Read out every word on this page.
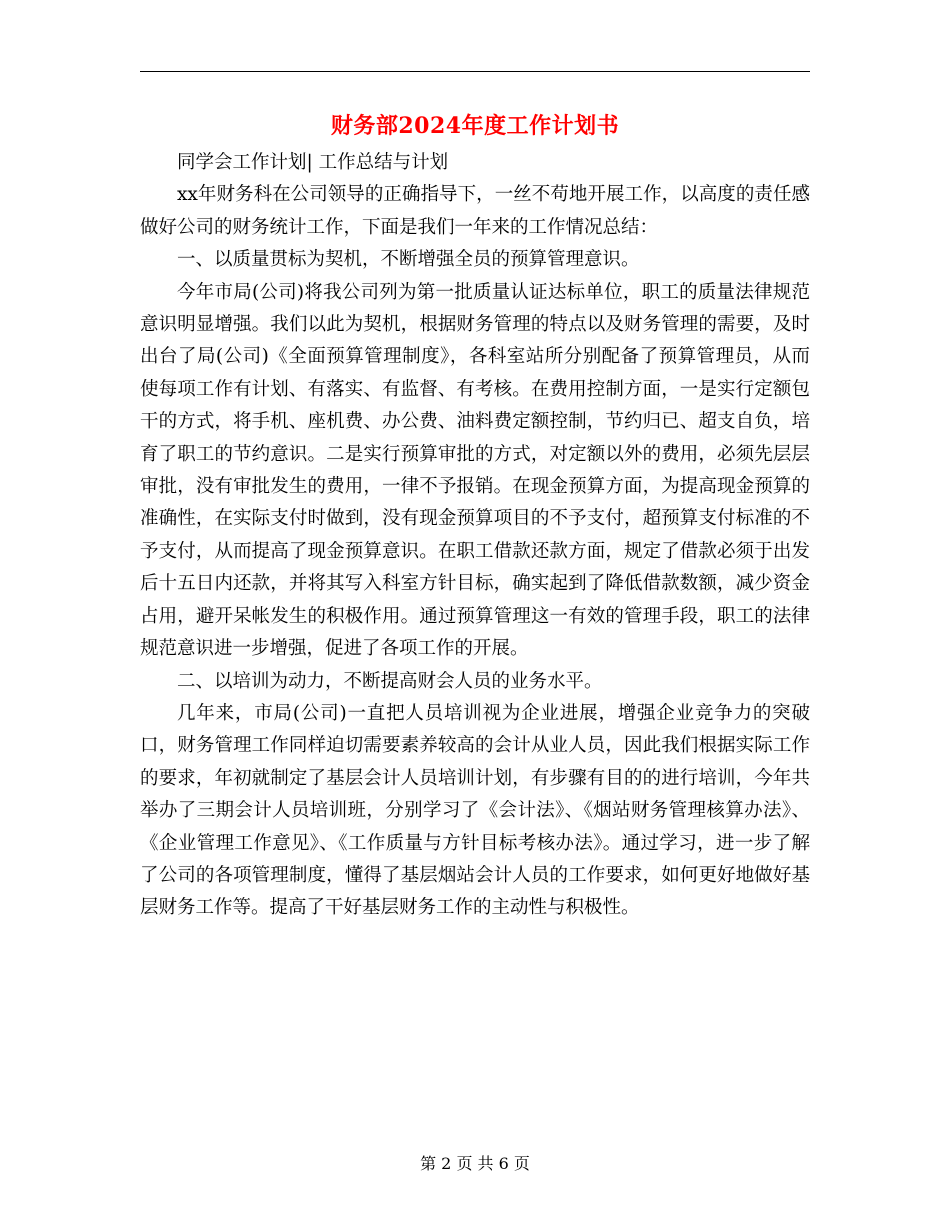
财务部2024年度工作计划书

同学会工作计划| 工作总结与计划

xx年财务科在公司领导的正确指导下，一丝不苟地开展工作，以高度的责任感做好公司的财务统计工作，下面是我们一年来的工作情况总结：

一、以质量贯标为契机，不断增强全员的预算管理意识。

今年市局(公司)将我公司列为第一批质量认证达标单位，职工的质量法律规范意识明显增强。我们以此为契机，根据财务管理的特点以及财务管理的需要，及时出台了局(公司)《全面预算管理制度》，各科室站所分别配备了预算管理员，从而使每项工作有计划、有落实、有监督、有考核。在费用控制方面，一是实行定额包干的方式，将手机、座机费、办公费、油料费定额控制，节约归已、超支自负，培育了职工的节约意识。二是实行预算审批的方式，对定额以外的费用，必须先层层审批，没有审批发生的费用，一律不予报销。在现金预算方面，为提高现金预算的准确性，在实际支付时做到，没有现金预算项目的不予支付，超预算支付标准的不予支付，从而提高了现金预算意识。在职工借款还款方面，规定了借款必须于出发后十五日内还款，并将其写入科室方针目标，确实起到了降低借款数额，减少资金占用，避开呆帐发生的积极作用。通过预算管理这一有效的管理手段，职工的法律规范意识进一步增强，促进了各项工作的开展。

二、以培训为动力，不断提高财会人员的业务水平。

几年来，市局(公司)一直把人员培训视为企业进展，增强企业竞争力的突破口，财务管理工作同样迫切需要素养较高的会计从业人员，因此我们根据实际工作的要求，年初就制定了基层会计人员培训计划，有步骤有目的的进行培训，今年共举办了三期会计人员培训班，分别学习了《会计法》、《烟站财务管理核算办法》、《企业管理工作意见》、《工作质量与方针目标考核办法》。通过学习，进一步了解了公司的各项管理制度，懂得了基层烟站会计人员的工作要求，如何更好地做好基层财务工作等。提高了干好基层财务工作的主动性与积极性。

第 2 页 共 6 页
